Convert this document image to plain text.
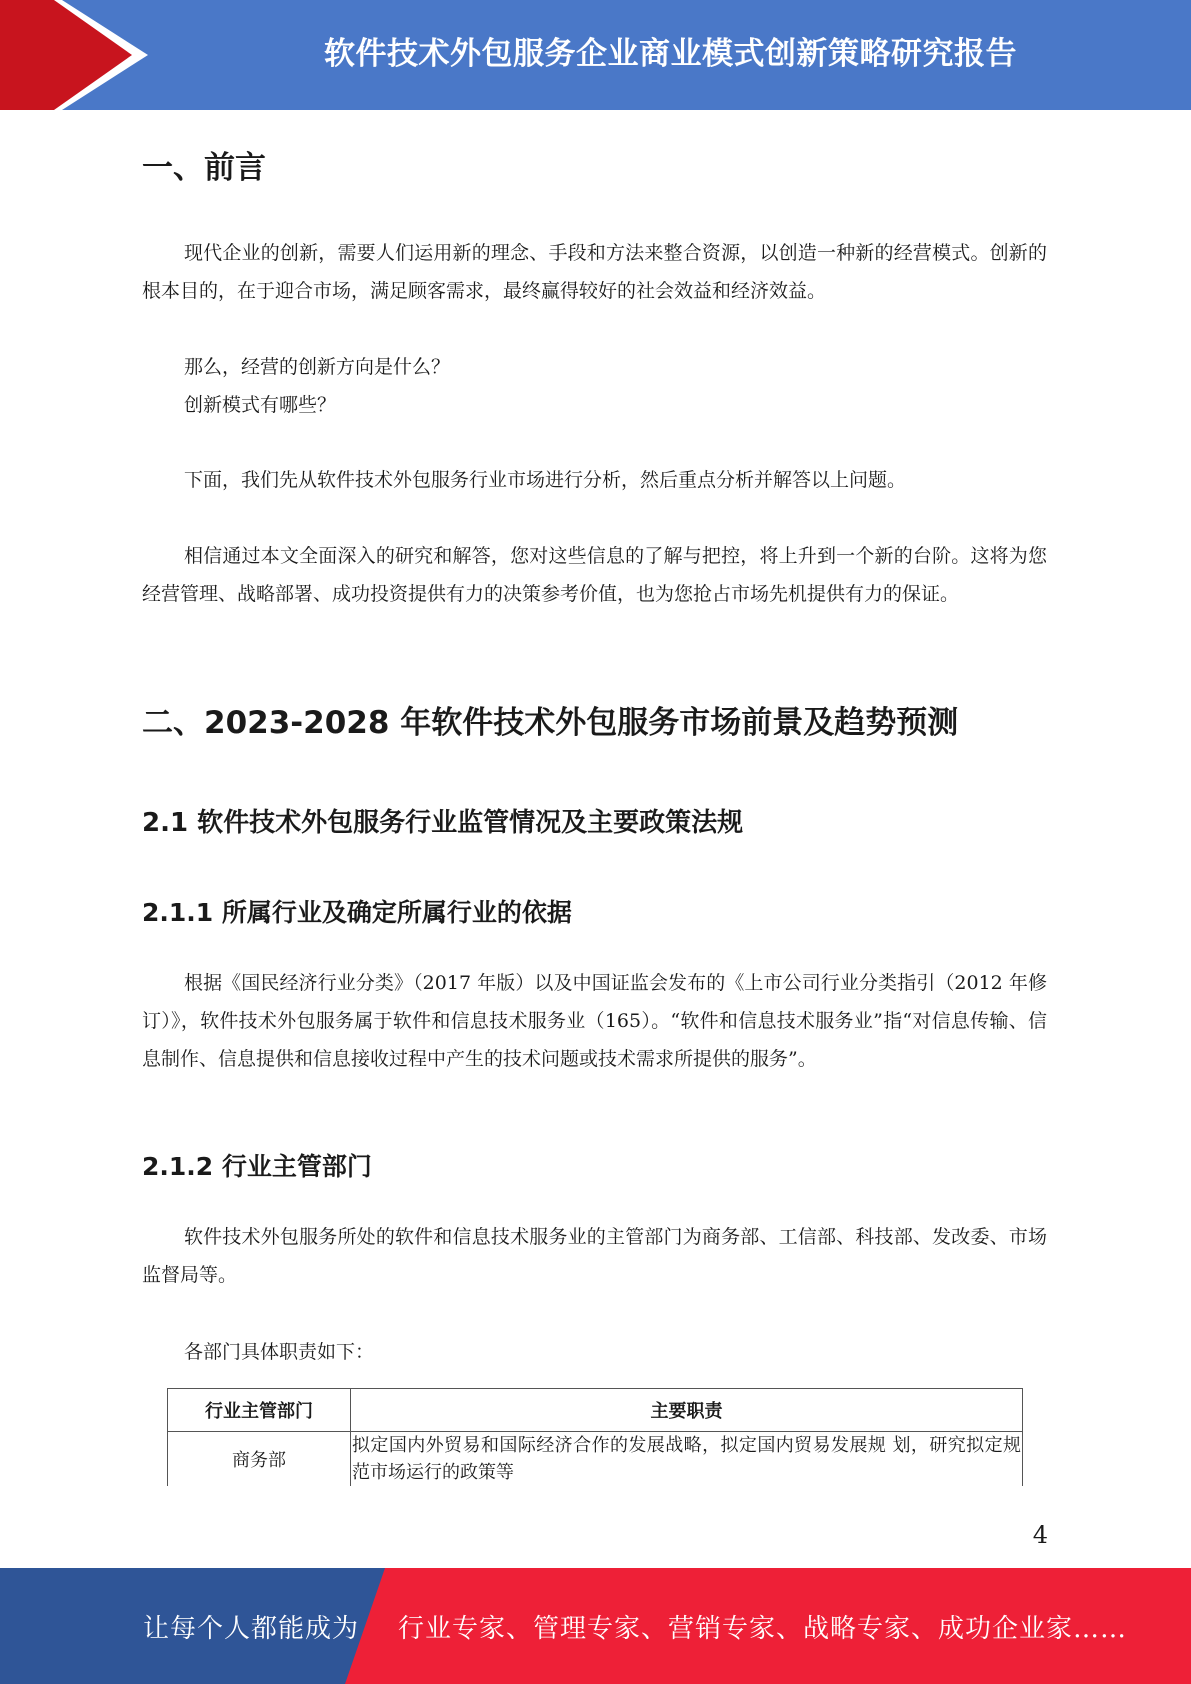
软件技术外包服务企业商业模式创新策略研究报告
一、前言

现代企业的创新，需要人们运用新的理念、手段和方法来整合资源，以创造一种新的经营模式。创新的根本目的，在于迎合市场，满足顾客需求，最终赢得较好的社会效益和经济效益。

那么，经营的创新方向是什么？

创新模式有哪些？

下面，我们先从软件技术外包服务行业市场进行分析，然后重点分析并解答以上问题。

相信通过本文全面深入的研究和解答，您对这些信息的了解与把控，将上升到一个新的台阶。这将为您经营管理、战略部署、成功投资提供有力的决策参考价值，也为您抢占市场先机提供有力的保证。

二、2023-2028 年软件技术外包服务市场前景及趋势预测
2.1 软件技术外包服务行业监管情况及主要政策法规
2.1.1 所属行业及确定所属行业的依据

根据《国民经济行业分类》（2017 年版）以及中国证监会发布的《上市公司行业分类指引（2012 年修订）》，软件技术外包服务属于软件和信息技术服务业（165）。“软件和信息技术服务业”指“对信息传输、信息制作、信息提供和信息接收过程中产生的技术问题或技术需求所提供的服务”。

2.1.2 行业主管部门

软件技术外包服务所处的软件和信息技术服务业的主管部门为商务部、工信部、科技部、发改委、市场监督局等。

各部门具体职责如下：

行业主管部门	主要职责
商务部	拟定国内外贸易和国际经济合作的发展战略，拟定国内贸易发展规 划，研究拟定规范市场运行的政策等
4
让每个人都能成为 行业专家、管理专家、营销专家、战略专家、成功企业家……
